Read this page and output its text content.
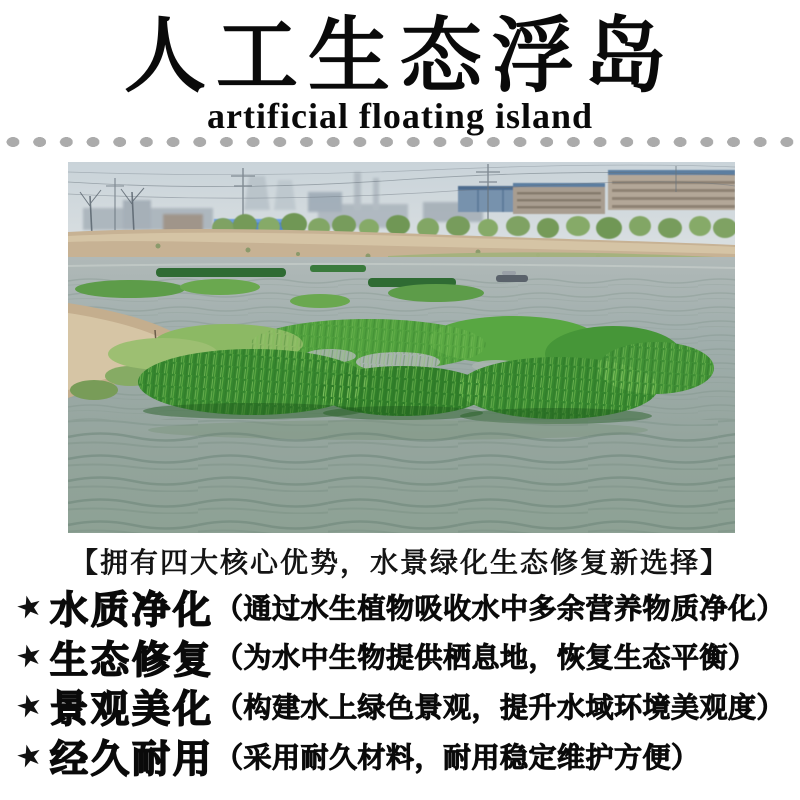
人工生态浮岛
artificial floating island
【拥有四大核心优势，水景绿化生态修复新选择】
★ 水质净化 （通过水生植物吸收水中多余营养物质净化）
★ 生态修复 （为水中生物提供栖息地，恢复生态平衡）
★ 景观美化 （构建水上绿色景观，提升水域环境美观度）
★ 经久耐用 （采用耐久材料，耐用稳定维护方便）
